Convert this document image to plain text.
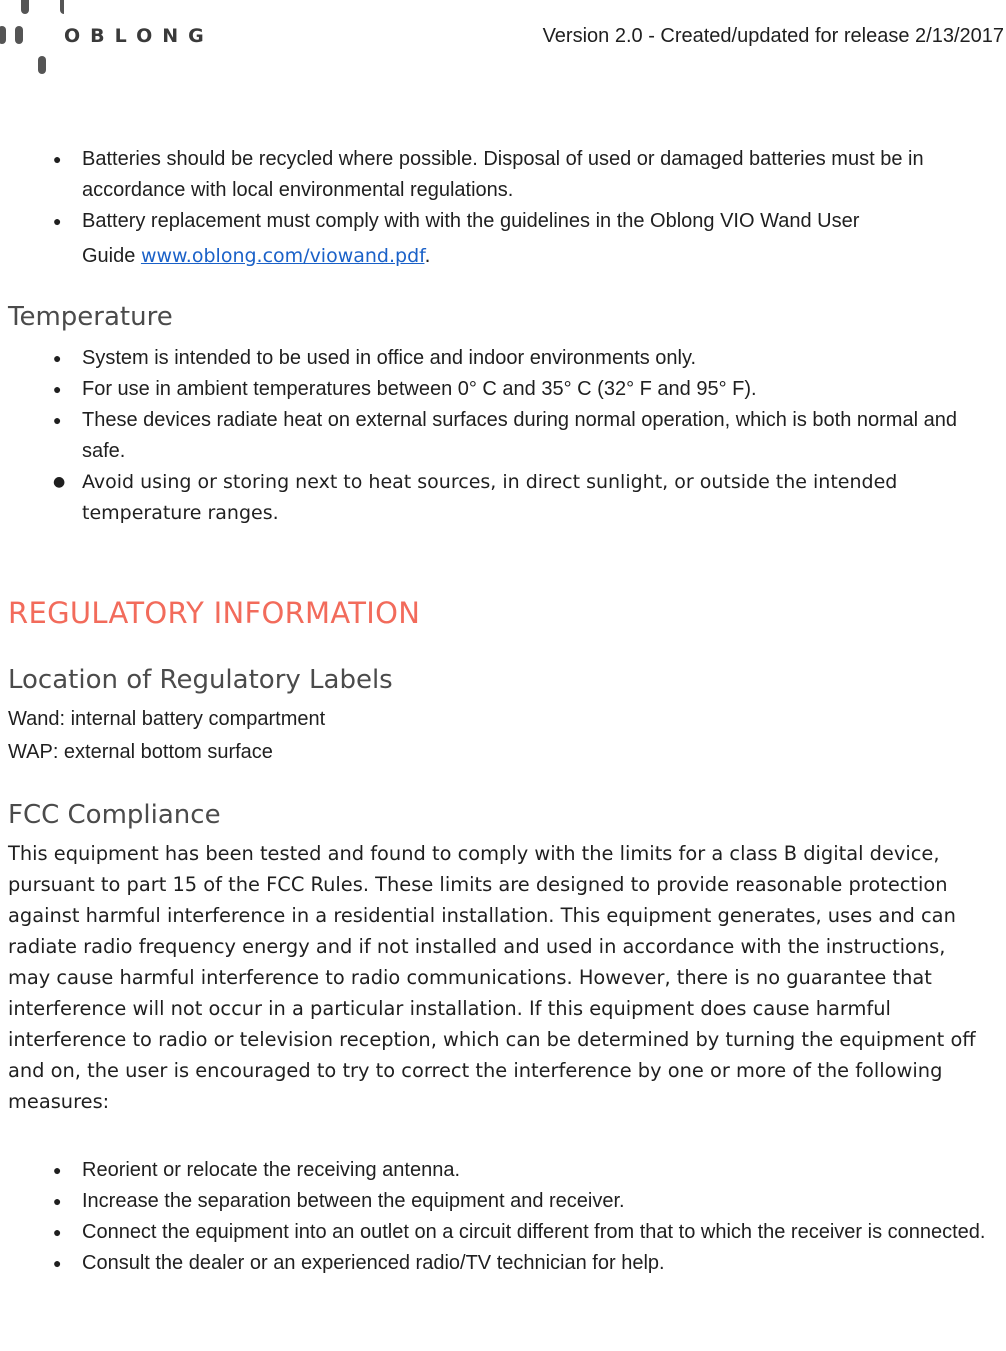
OBLONG	Version 2.0 - Created/updated for release 2/13/2017
● Batteries should be recycled where possible. Disposal of used or damaged batteries must be in accordance with local environmental regulations.
● Battery replacement must comply with with the guidelines in the Oblong VIO Wand User
Guide www.oblong.com/viowand.pdf.
Temperature
● System is intended to be used in office and indoor environments only.
● For use in ambient temperatures between 0° C and 35° C (32° F and 95° F).
● These devices radiate heat on external surfaces during normal operation, which is both normal and safe.
● Avoid using or storing next to heat sources, in direct sunlight, or outside the intended temperature ranges.
REGULATORY INFORMATION
Location of Regulatory Labels

Wand: internal battery compartment

WAP: external bottom surface

FCC Compliance

This equipment has been tested and found to comply with the limits for a class B digital device, pursuant to part 15 of the FCC Rules. These limits are designed to provide reasonable protection against harmful interference in a residential installation. This equipment generates, uses and can radiate radio frequency energy and if not installed and used in accordance with the instructions, may cause harmful interference to radio communications. However, there is no guarantee that interference will not occur in a particular installation. If this equipment does cause harmful interference to radio or television reception, which can be determined by turning the equipment off and on, the user is encouraged to try to correct the interference by one or more of the following measures:

● Reorient or relocate the receiving antenna.
● Increase the separation between the equipment and receiver.
● Connect the equipment into an outlet on a circuit different from that to which the receiver is connected.
● Consult the dealer or an experienced radio/TV technician for help.
